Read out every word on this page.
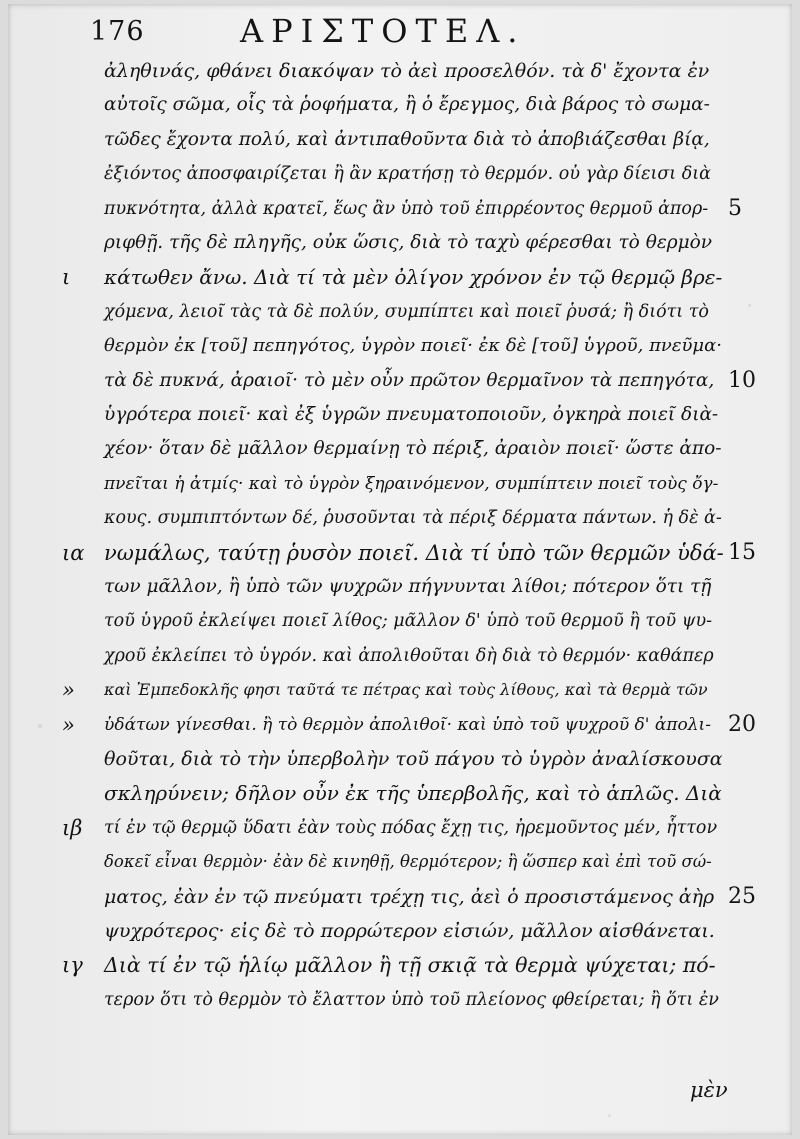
176	ΑΡΙΣΤΟΤΕΛ.
ἀληθινάς, φθάνει διακόψαν τὸ ἀεὶ προσελθόν. τὰ δ' ἔχοντα ἐν
αὐτοῖς σῶμα, οἷς τὰ ῥοφήματα, ἢ ὁ ἔρεγμος, διὰ βάρος τὸ σωμα-
τῶδες ἔχοντα πολύ, καὶ ἀντιπαθοῦντα διὰ τὸ ἀποβιάζεσθαι βίᾳ,
ἐξιόντος ἀποσφαιρίζεται ἢ ἂν κρατήσῃ τὸ θερμόν. οὐ γὰρ δίεισι διὰ
πυκνότητα, ἀλλὰ κρατεῖ, ἕως ἂν ὑπὸ τοῦ ἐπιρρέοντος θερμοῦ ἀπορ-
ριφθῇ. τῆς δὲ πληγῆς, οὐκ ὥσις, διὰ τὸ ταχὺ φέρεσθαι τὸ θερμὸν
κάτωθεν ἄνω. Διὰ τί τὰ μὲν ὀλίγον χρόνον ἐν τῷ θερμῷ βρε-
χόμενα, λειοῖ τὰς τὰ δὲ πολύν, συμπίπτει καὶ ποιεῖ ῥυσά; ἢ διότι τὸ
θερμὸν ἐκ [τοῦ] πεπηγότος, ὑγρὸν ποιεῖ· ἐκ δὲ [τοῦ] ὑγροῦ, πνεῦμα·
τὰ δὲ πυκνά, ἀραιοῖ· τὸ μὲν οὖν πρῶτον θερμαῖνον τὰ πεπηγότα,
ὑγρότερα ποιεῖ· καὶ ἐξ ὑγρῶν πνευματοποιοῦν, ὀγκηρὰ ποιεῖ διὰ-
χέον· ὅταν δὲ μᾶλλον θερμαίνῃ τὸ πέριξ, ἀραιὸν ποιεῖ· ὥστε ἀπο-
πνεῖται ἡ ἀτμίς· καὶ τὸ ὑγρὸν ξηραινόμενον, συμπίπτειν ποιεῖ τοὺς ὄγ-
κους. συμπιπτόντων δέ, ῥυσοῦνται τὰ πέριξ δέρματα πάντων. ἡ δὲ ἀ-
νωμάλως, ταύτῃ ῥυσὸν ποιεῖ. Διὰ τί ὑπὸ τῶν θερμῶν ὑδά-
των μᾶλλον, ἢ ὑπὸ τῶν ψυχρῶν πήγνυνται λίθοι; πότερον ὅτι τῇ
τοῦ ὑγροῦ ἐκλείψει ποιεῖ λίθος; μᾶλλον δ' ὑπὸ τοῦ θερμοῦ ἢ τοῦ ψυ-
χροῦ ἐκλείπει τὸ ὑγρόν. καὶ ἀπολιθοῦται δὴ διὰ τὸ θερμόν· καθάπερ
καὶ Ἐμπεδοκλῆς φησι ταῦτά τε πέτρας καὶ τοὺς λίθους, καὶ τὰ θερμὰ τῶν
ὑδάτων γίνεσθαι. ἢ τὸ θερμὸν ἀπολιθοῖ· καὶ ὑπὸ τοῦ ψυχροῦ δ' ἀπολι-
θοῦται, διὰ τὸ τὴν ὑπερβολὴν τοῦ πάγου τὸ ὑγρὸν ἀναλίσκουσα
σκληρύνειν; δῆλον οὖν ἐκ τῆς ὑπερβολῆς, καὶ τὸ ἁπλῶς. Διὰ
τί ἐν τῷ θερμῷ ὕδατι ἐὰν τοὺς πόδας ἔχῃ τις, ἠρεμοῦντος μέν, ἧττον
δοκεῖ εἶναι θερμὸν· ἐὰν δὲ κινηθῇ, θερμότερον; ἢ ὥσπερ καὶ ἐπὶ τοῦ σώ-
ματος, ἐὰν ἐν τῷ πνεύματι τρέχῃ τις, ἀεὶ ὁ προσιστάμενος ἀὴρ
ψυχρότερος· εἰς δὲ τὸ πορρώτερον εἰσιών, μᾶλλον αἰσθάνεται.
Διὰ τί ἐν τῷ ἡλίῳ μᾶλλον ἢ τῇ σκιᾷ τὰ θερμὰ ψύχεται; πό-
τερον ὅτι τὸ θερμὸν τὸ ἔλαττον ὑπὸ τοῦ πλείονος φθείρεται; ἢ ὅτι ἐν
5
10
15
20
25
ι
ια
»
»
ιβ
ιγ
μὲν
